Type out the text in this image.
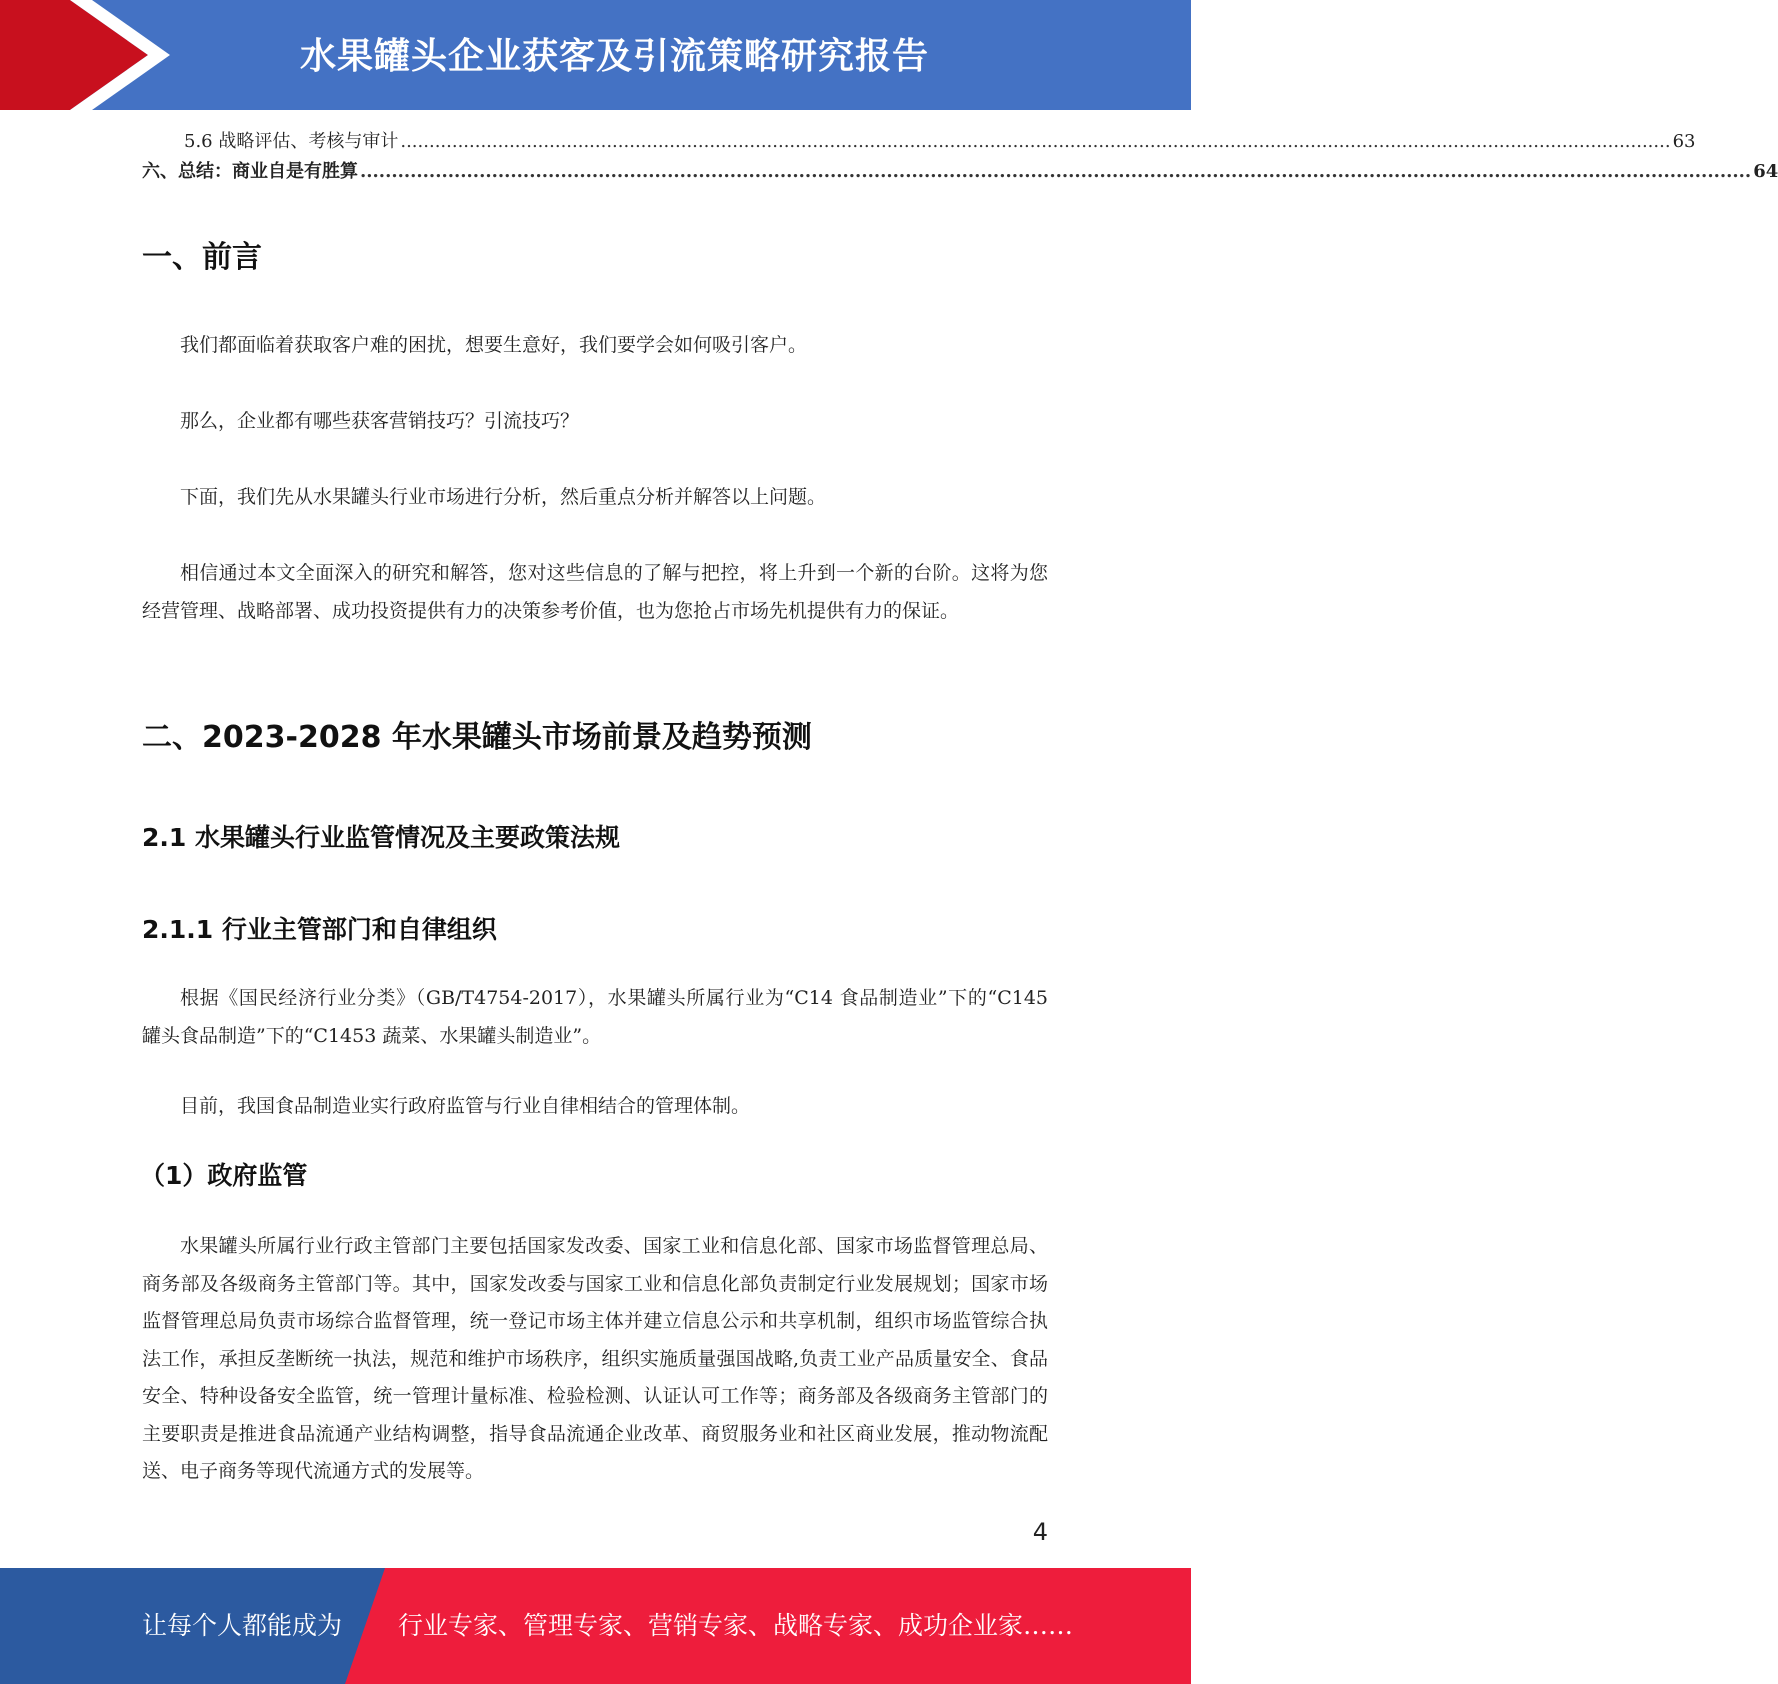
水果罐头企业获客及引流策略研究报告
5.6 战略评估、考核与审计 .............................................................................................................................................................................................................................. 63
六、总结：商业自是有胜算 .............................................................................................................................................................................................................................. 64
一、前言
我们都面临着获取客户难的困扰，想要生意好，我们要学会如何吸引客户。
那么，企业都有哪些获客营销技巧？引流技巧？
下面，我们先从水果罐头行业市场进行分析，然后重点分析并解答以上问题。
相信通过本文全面深入的研究和解答，您对这些信息的了解与把控，将上升到一个新的台阶。这将为您经营管理、战略部署、成功投资提供有力的决策参考价值，也为您抢占市场先机提供有力的保证。
二、2023-2028 年水果罐头市场前景及趋势预测
2.1 水果罐头行业监管情况及主要政策法规
2.1.1 行业主管部门和自律组织
根据《国民经济行业分类》（GB/T4754-2017），水果罐头所属行业为“C14 食品制造业”下的“C145 罐头食品制造”下的“C1453 蔬菜、水果罐头制造业”。
目前，我国食品制造业实行政府监管与行业自律相结合的管理体制。
（1）政府监管
水果罐头所属行业行政主管部门主要包括国家发改委、国家工业和信息化部、国家市场监督管理总局、商务部及各级商务主管部门等。其中，国家发改委与国家工业和信息化部负责制定行业发展规划；国家市场监督管理总局负责市场综合监督管理，统一登记市场主体并建立信息公示和共享机制，组织市场监管综合执法工作，承担反垄断统一执法，规范和维护市场秩序，组织实施质量强国战略,负责工业产品质量安全、食品安全、特种设备安全监管，统一管理计量标准、检验检测、认证认可工作等；商务部及各级商务主管部门的主要职责是推进食品流通产业结构调整，指导食品流通企业改革、商贸服务业和社区商业发展，推动物流配送、电子商务等现代流通方式的发展等。
4
让每个人都能成为 行业专家、管理专家、营销专家、战略专家、成功企业家……
